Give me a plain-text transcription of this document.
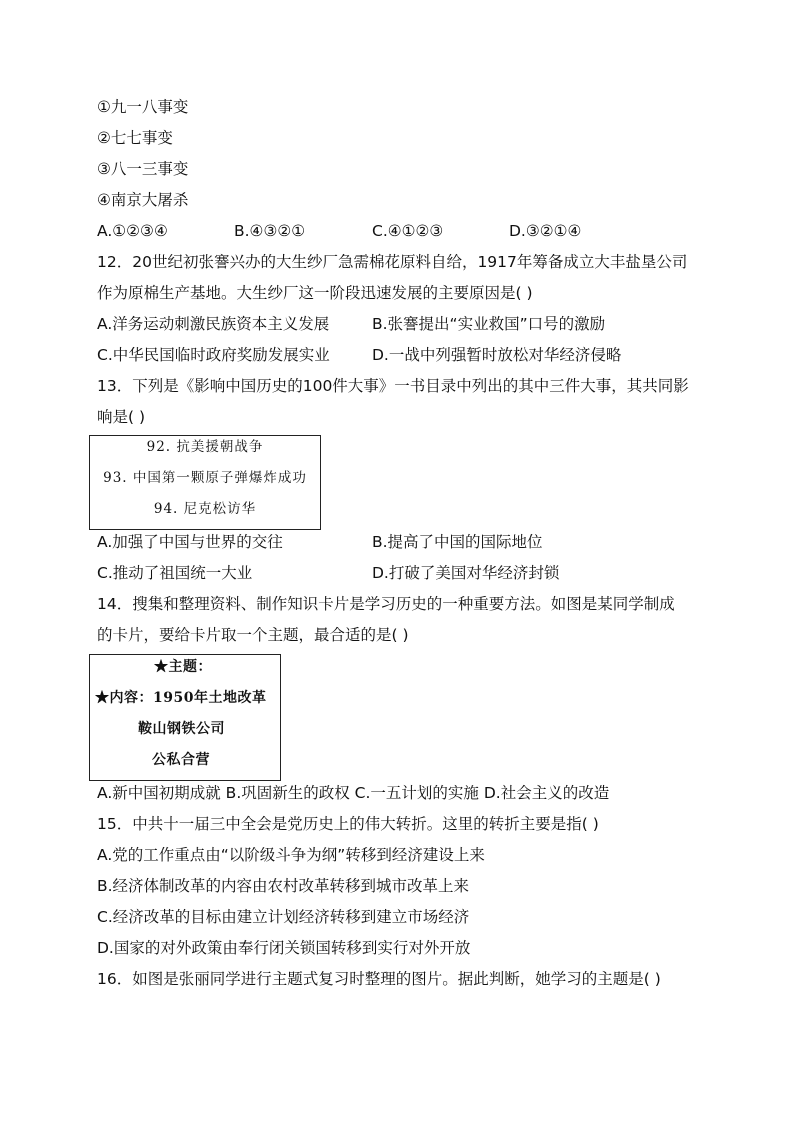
①九一八事变
②七七事变
③八一三事变
④南京大屠杀
A.①②③④	B.④③②①	C.④①②③	D.③②①④
12．20世纪初张謇兴办的大生纱厂急需棉花原料自给，1917年筹备成立大丰盐垦公司
作为原棉生产基地。大生纱厂这一阶段迅速发展的主要原因是( )
A.洋务运动刺激民族资本主义发展	B.张謇提出“实业救国”口号的激励
C.中华民国临时政府奖励发展实业	D.一战中列强暂时放松对华经济侵略
13．下列是《影响中国历史的100件大事》一书目录中列出的其中三件大事，其共同影
响是( )
92. 抗美援朝战争
93. 中国第一颗原子弹爆炸成功
94. 尼克松访华
A.加强了中国与世界的交往	B.提高了中国的国际地位
C.推动了祖国统一大业	D.打破了美国对华经济封锁
14．搜集和整理资料、制作知识卡片是学习历史的一种重要方法。如图是某同学制成
的卡片，要给卡片取一个主题，最合适的是( )
★主题：
★内容：1950年土地改革
鞍山钢铁公司
公私合营
A.新中国初期成就 B.巩固新生的政权 C.一五计划的实施 D.社会主义的改造
15．中共十一届三中全会是党历史上的伟大转折。这里的转折主要是指( )
A.党的工作重点由“以阶级斗争为纲”转移到经济建设上来
B.经济体制改革的内容由农村改革转移到城市改革上来
C.经济改革的目标由建立计划经济转移到建立市场经济
D.国家的对外政策由奉行闭关锁国转移到实行对外开放
16．如图是张丽同学进行主题式复习时整理的图片。据此判断，她学习的主题是( )
